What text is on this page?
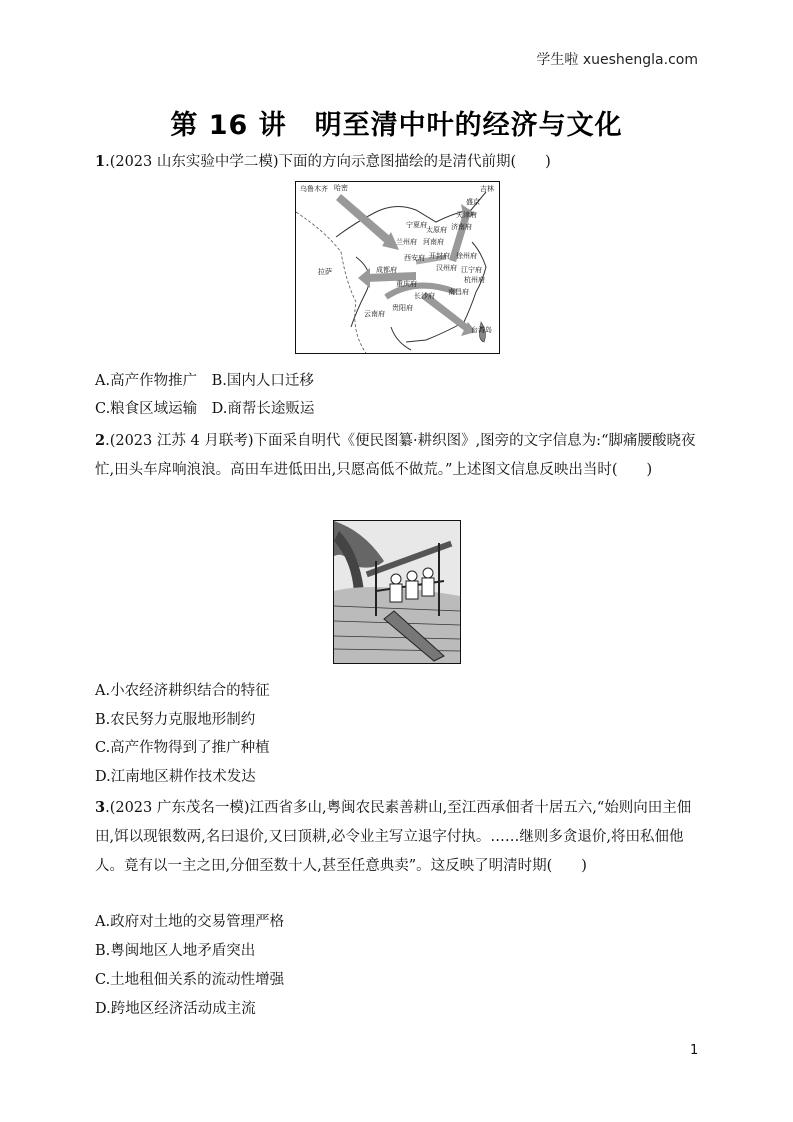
学生啦 xueshengla.com
第 16 讲　明至清中叶的经济与文化
1.(2023 山东实验中学二模)下面的方向示意图描绘的是清代前期(　　)
乌鲁木齐 哈密	吉林
盛京
天津府
宁夏府
太原府 济南府
兰州府 河南府
西安府 开封府 徐州府
成都府	汉州府 江宁府
杭州府
拉萨
重庆府
长沙府 南昌府
贵阳府
云南府
台湾岛
A.高产作物推广　B.国内人口迁移
C.粮食区域运输　D.商帮长途贩运
2.(2023 江苏 4 月联考)下面采自明代《便民图纂·耕织图》,图旁的文字信息为:“脚痛腰酸晓夜忙,田头车戽响浪浪。高田车进低田出,只愿高低不做荒。”上述图文信息反映出当时(　　)
A.小农经济耕织结合的特征
B.农民努力克服地形制约
C.高产作物得到了推广种植
D.江南地区耕作技术发达
3.(2023 广东茂名一模)江西省多山,粤闽农民素善耕山,至江西承佃者十居五六,“始则向田主佃田,饵以现银数两,名曰退价,又曰顶耕,必令业主写立退字付执。……继则多贪退价,将田私佃他人。竟有以一主之田,分佃至数十人,甚至任意典卖”。这反映了明清时期(　　)
A.政府对土地的交易管理严格
B.粤闽地区人地矛盾突出
C.土地租佃关系的流动性增强
D.跨地区经济活动成主流
1
